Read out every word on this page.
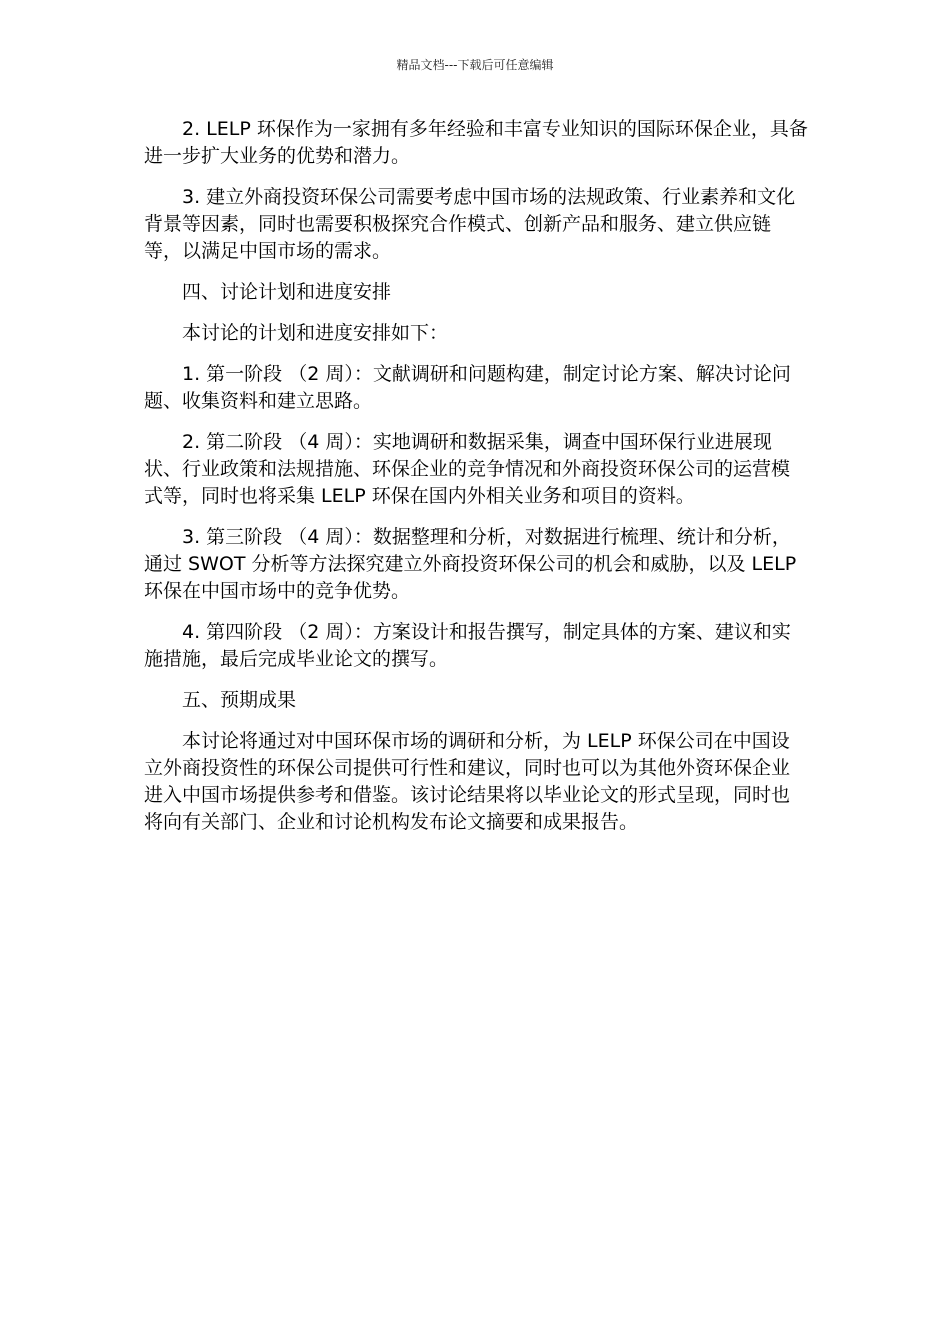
精品文档---下载后可任意编辑

2. LELP 环保作为一家拥有多年经验和丰富专业知识的国际环保企业，具备进一步扩大业务的优势和潜力。

3. 建立外商投资环保公司需要考虑中国市场的法规政策、行业素养和文化背景等因素，同时也需要积极探究合作模式、创新产品和服务、建立供应链等，以满足中国市场的需求。

四、讨论计划和进度安排

本讨论的计划和进度安排如下：

1. 第一阶段 （2 周）：文献调研和问题构建，制定讨论方案、解决讨论问题、收集资料和建立思路。

2. 第二阶段 （4 周）：实地调研和数据采集，调查中国环保行业进展现状、行业政策和法规措施、环保企业的竞争情况和外商投资环保公司的运营模式等，同时也将采集 LELP 环保在国内外相关业务和项目的资料。

3. 第三阶段 （4 周）：数据整理和分析，对数据进行梳理、统计和分析，通过 SWOT 分析等方法探究建立外商投资环保公司的机会和威胁，以及 LELP 环保在中国市场中的竞争优势。

4. 第四阶段 （2 周）：方案设计和报告撰写，制定具体的方案、建议和实施措施，最后完成毕业论文的撰写。

五、预期成果

本讨论将通过对中国环保市场的调研和分析，为 LELP 环保公司在中国设立外商投资性的环保公司提供可行性和建议，同时也可以为其他外资环保企业进入中国市场提供参考和借鉴。该讨论结果将以毕业论文的形式呈现，同时也将向有关部门、企业和讨论机构发布论文摘要和成果报告。
